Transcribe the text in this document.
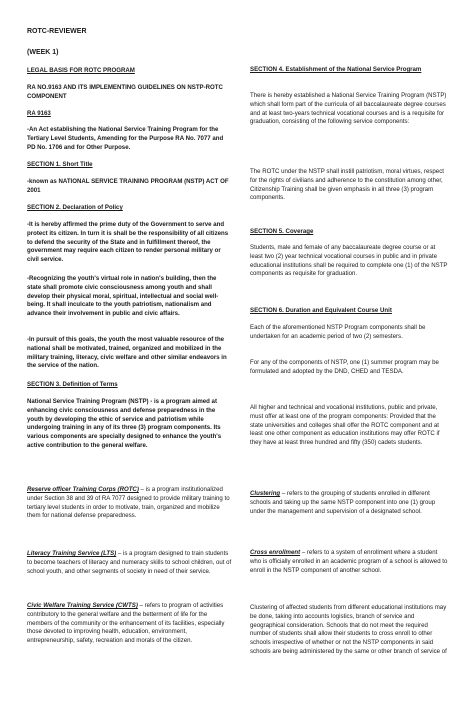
ROTC-REVIEWER
(WEEK 1)

LEGAL BASIS FOR ROTC PROGRAM

RA NO.9163 AND ITS IMPLEMENTING GUIDELINES ON NSTP-ROTC COMPONENT

RA 9163

-An Act establishing the National Service Training Program for the Tertiary Level Students, Amending for the Purpose RA No. 7077 and PD No. 1706 and for Other Purpose.

SECTION 1. Short Title

-known as NATIONAL SERVICE TRAINING PROGRAM (NSTP) ACT OF 2001

SECTION 2. Declaration of Policy

-It is hereby affirmed the prime duty of the Government to serve and protect its citizen. In turn it is shall be the responsibility of all citizens to defend the security of the State and in fulfillment thereof, the government may require each citizen to render personal military or civil service.

-Recognizing the youth's virtual role in nation's building, then the state shall promote civic consciousness among youth and shall develop their physical moral, spiritual, intellectual and social well-being. It shall inculcate to the youth patriotism, nationalism and advance their involvement in public and civic affairs.

-In pursuit of this goals, the youth the most valuable resource of the national shall be motivated, trained, organized and mobilized in the military training, literacy, civic welfare and other similar endeavors in the service of the nation.

SECTION 3. Definition of Terms

National Service Training Program (NSTP) - is a program aimed at enhancing civic consciousness and defense preparedness in the youth by developing the ethic of service and patriotism while undergoing training in any of its three (3) program components. Its various components are specially designed to enhance the youth's active contribution to the general welfare.

Reserve officer Training Corps (ROTC) – is a program institutionalized under Section 38 and 39 of RA 7077 designed to provide military training to tertiary level students in order to motivate, train, organized and mobilize them for national defense preparedness.

Literacy Training Service (LTS) – is a program designed to train students to become teachers of literacy and numeracy skills to school children, out of school youth, and other segments of society in need of their service.

Civic Welfare Training Service (CWTS) – refers to program of activities contributory to the general welfare and the betterment of life for the members of the community or the enhancement of its facilities, especially those devoted to improving health, education, environment, entrepreneurship, safety, recreation and morals of the citizen.

SECTION 4. Establishment of the National Service Program

There is hereby established a National Service Training Program (NSTP) which shall form part of the curricula of all baccalaureate degree courses and at least two-years technical vocational courses and is a requisite for graduation, consisting of the following service components:

The ROTC under the NSTP shall instill patriotism, moral virtues, respect for the rights of civilians and adherence to the constitution among other, Citizenship Training shall be given emphasis in all three (3) program components.

SECTION 5. Coverage

Students, male and female of any baccalaureate degree course or at least two (2) year technical vocational courses in public and in private educational institutions shall be required to complete one (1) of the NSTP components as requisite for graduation.

SECTION 6. Duration and Equivalent Course Unit

Each of the aforementioned NSTP Program components shall be undertaken for an academic period of two (2) semesters.

For any of the components of NSTP, one (1) summer program may be formulated and adopted by the DND, CHED and TESDA.

All higher and technical and vocational institutions, public and private, must offer at least one of the program components: Provided that the state universities and colleges shall offer the ROTC component and at least one other component as education institutions may offer ROTC if they have at least three hundred and fifty (350) cadets students.

Clustering – refers to the grouping of students enrolled in different schools and taking up the same NSTP component into one (1) group under the management and supervision of a designated school.

Cross enrollment – refers to a system of enrollment where a student who is officially enrolled in an academic program of a school is allowed to enroll in the NSTP component of another school.

Clustering of affected students from different educational institutions may be done, taking into accounts logistics, branch of service and geographical consideration. Schools that do not meet the required number of students shall allow their students to cross enroll to other schools irrespective of whether or not the NSTP components in said schools are being administered by the same or other branch of service of
